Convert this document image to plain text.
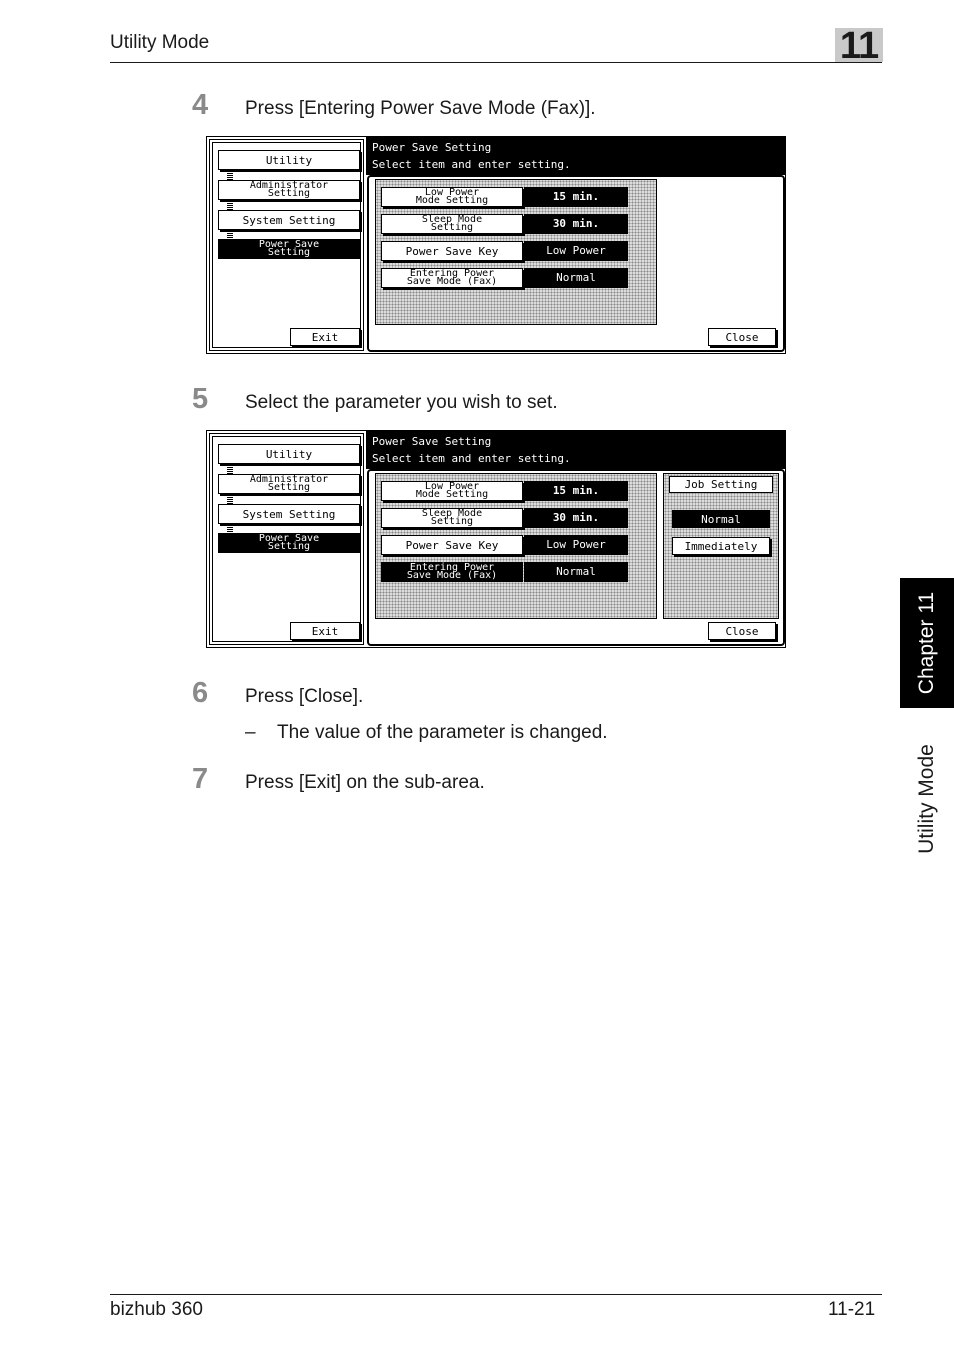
Utility Mode	11
Chapter 11
Utility Mode
4 Press [Entering Power Save Mode (Fax)].
Utility
Administrator
Setting
System Setting
Power Save
Setting
Exit
Power Save Setting
Select item and enter setting.
Low Power
Mode Setting	15 min.
Sleep Mode
Setting	30 min.
Power Save Key	Low Power
Entering Power
Save Mode (Fax)	Normal
Close
5 Select the parameter you wish to set.
Utility
Administrator
Setting
System Setting
Power Save
Setting
Exit
Power Save Setting
Select item and enter setting.
Low Power
Mode Setting	15 min.
Sleep Mode
Setting	30 min.
Power Save Key	Low Power
Entering Power
Save Mode (Fax)	Normal
Job Setting
Normal
Immediately
Close
6 Press [Close].
– The value of the parameter is changed.
7 Press [Exit] on the sub-area.
bizhub 360	11-21
